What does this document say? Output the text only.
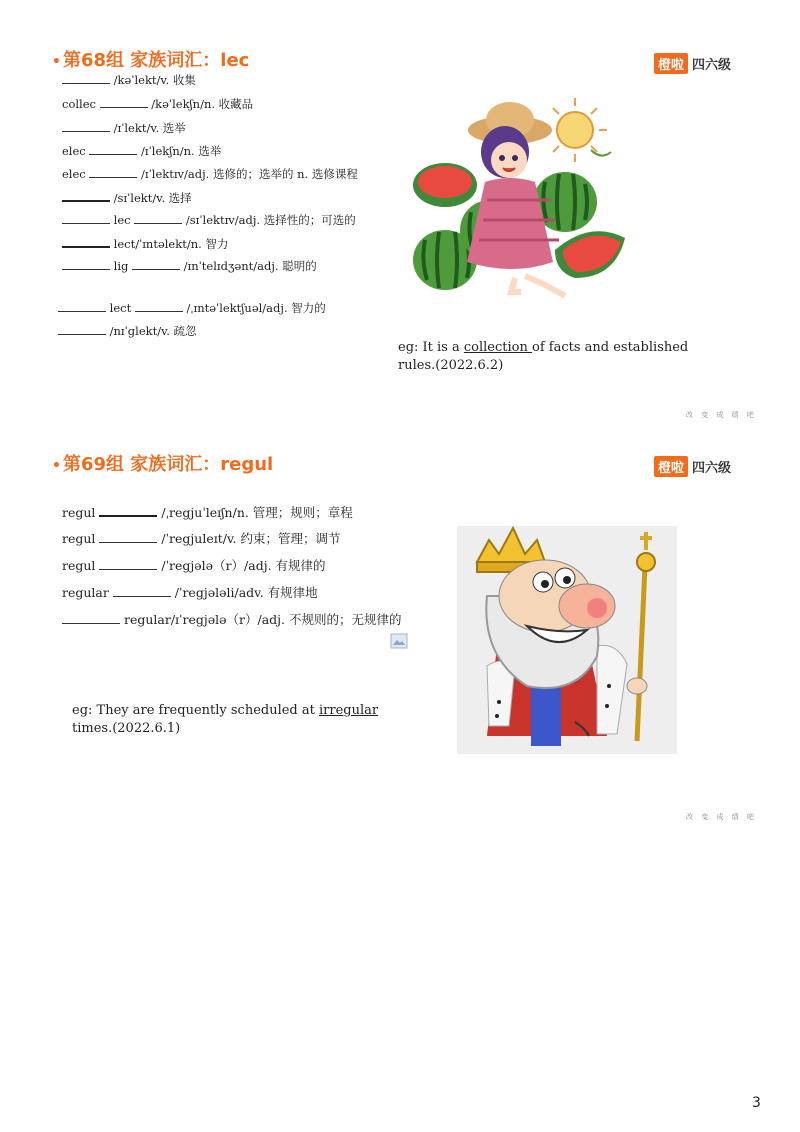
• 第68组 家族词汇：lec	橙啦 四六级
/kəˈlekt/v. 收集
collec	/kəˈlekʃn/n. 收藏品
/ɪˈlekt/v. 选举
elec	/ɪˈlekʃn/n. 选举
elec	/ɪˈlektɪv/adj. 选修的；选举的 n. 选修课程
/sɪˈlekt/v. 选择
lec	/sɪˈlektɪv/adj. 选择性的；可选的
lect/ˈɪntəlekt/n. 智力
lig	/ɪnˈtelɪdʒənt/adj. 聪明的
lect	/ˌɪntəˈlektʃuəl/adj. 智力的
/nɪˈglekt/v. 疏忽
eg: It is a collection of facts and established
rules.(2022.6.2)
改 变 成 绩 吧
• 第69组 家族词汇：regul	橙啦 四六级
regul	/ˌregjuˈleɪʃn/n. 管理；规则；章程
regul	/ˈregjuleɪt/v. 约束；管理；调节
regul	/ˈregjələ（r）/adj. 有规律的
regular	/ˈregjələli/adv. 有规律地
regular/ɪˈregjələ（r）/adj. 不规则的；无规律的
eg: They are frequently scheduled at irregular
times.(2022.6.1)
改 变 成 绩 吧
3
